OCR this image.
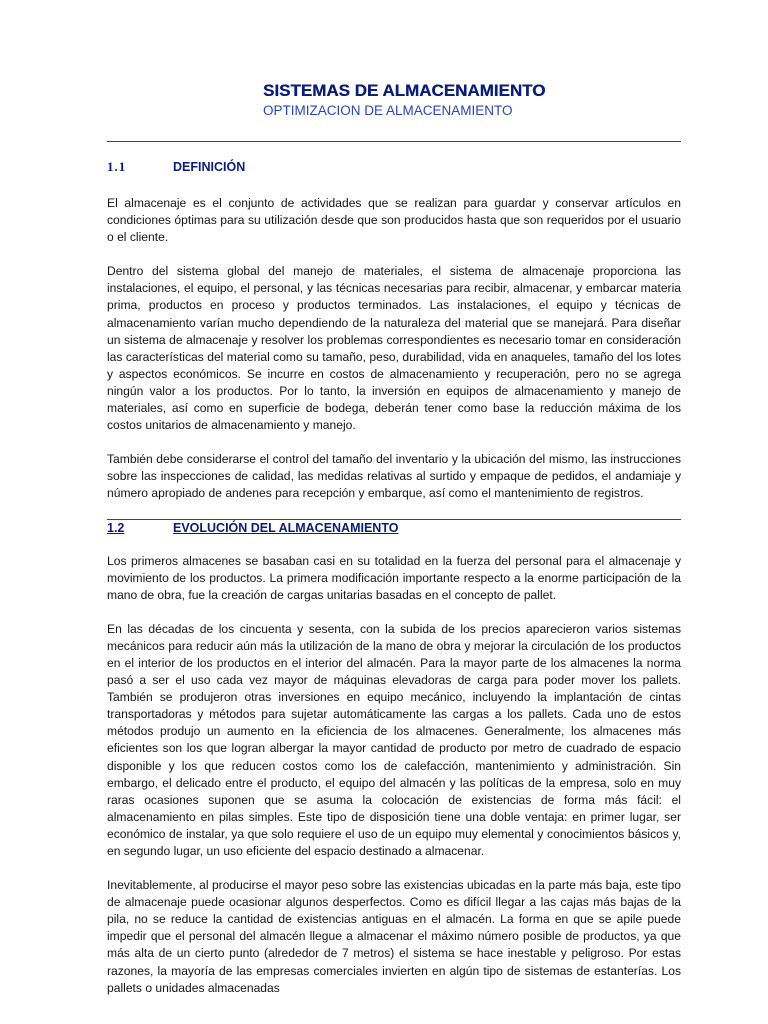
SISTEMAS DE ALMACENAMIENTO
OPTIMIZACION DE ALMACENAMIENTO
1.1	DEFINICIÓN

El almacenaje es el conjunto de actividades que se realizan para guardar y conservar artículos en condiciones óptimas para su utilización desde que son producidos hasta que son requeridos por el usuario o el cliente.

Dentro del sistema global del manejo de materiales, el sistema de almacenaje proporciona las instalaciones, el equipo, el personal, y las técnicas necesarias para recibir, almacenar, y embarcar materia prima, productos en proceso y productos terminados. Las instalaciones, el equipo y técnicas de almacenamiento varían mucho dependiendo de la naturaleza del material que se manejará. Para diseñar un sistema de almacenaje y resolver los problemas correspondientes es necesario tomar en consideración las características del material como su tamaño, peso, durabilidad, vida en anaqueles, tamaño del los lotes y aspectos económicos. Se incurre en costos de almacenamiento y recuperación, pero no se agrega ningún valor a los productos. Por lo tanto, la inversión en equipos de almacenamiento y manejo de materiales, así como en superficie de bodega, deberán tener como base la reducción máxima de los costos unitarios de almacenamiento y manejo.

También debe considerarse el control del tamaño del inventario y la ubicación del mismo, las instrucciones sobre las inspecciones de calidad, las medidas relativas al surtido y empaque de pedidos, el andamiaje y número apropiado de andenes para recepción y embarque, así como el mantenimiento de registros.

1.2	EVOLUCIÓN DEL ALMACENAMIENTO

Los primeros almacenes se basaban casi en su totalidad en la fuerza del personal para el almacenaje y movimiento de los productos. La primera modificación importante respecto a la enorme participación de la mano de obra, fue la creación de cargas unitarias basadas en el concepto de pallet.

En las décadas de los cincuenta y sesenta, con la subida de los precios aparecieron varios sistemas mecánicos para reducir aún más la utilización de la mano de obra y mejorar la circulación de los productos en el interior de los productos en el interior del almacén. Para la mayor parte de los almacenes la norma pasó a ser el uso cada vez mayor de máquinas elevadoras de carga para poder mover los pallets. También se produjeron otras inversiones en equipo mecánico, incluyendo la implantación de cintas transportadoras y métodos para sujetar automáticamente las cargas a los pallets. Cada uno de estos métodos produjo un aumento en la eficiencia de los almacenes. Generalmente, los almacenes más eficientes son los que logran albergar la mayor cantidad de producto por metro de cuadrado de espacio disponible y los que reducen costos como los de calefacción, mantenimiento y administración. Sin embargo, el delicado entre el producto, el equipo del almacén y las políticas de la empresa, solo en muy raras ocasiones suponen que se asuma la colocación de existencias de forma más fácil: el almacenamiento en pilas simples. Este tipo de disposición tiene una doble ventaja: en primer lugar, ser económico de instalar, ya que solo requiere el uso de un equipo muy elemental y conocimientos básicos y, en segundo lugar, un uso eficiente del espacio destinado a almacenar.

Inevitablemente, al producirse el mayor peso sobre las existencias ubicadas en la parte más baja, este tipo de almacenaje puede ocasionar algunos desperfectos. Como es difícil llegar a las cajas más bajas de la pila, no se reduce la cantidad de existencias antiguas en el almacén. La forma en que se apile puede impedir que el personal del almacén llegue a almacenar el máximo número posible de productos, ya que más alta de un cierto punto (alrededor de 7 metros) el sistema se hace inestable y peligroso. Por estas razones, la mayoría de las empresas comerciales invierten en algún tipo de sistemas de estanterías. Los pallets o unidades almacenadas
